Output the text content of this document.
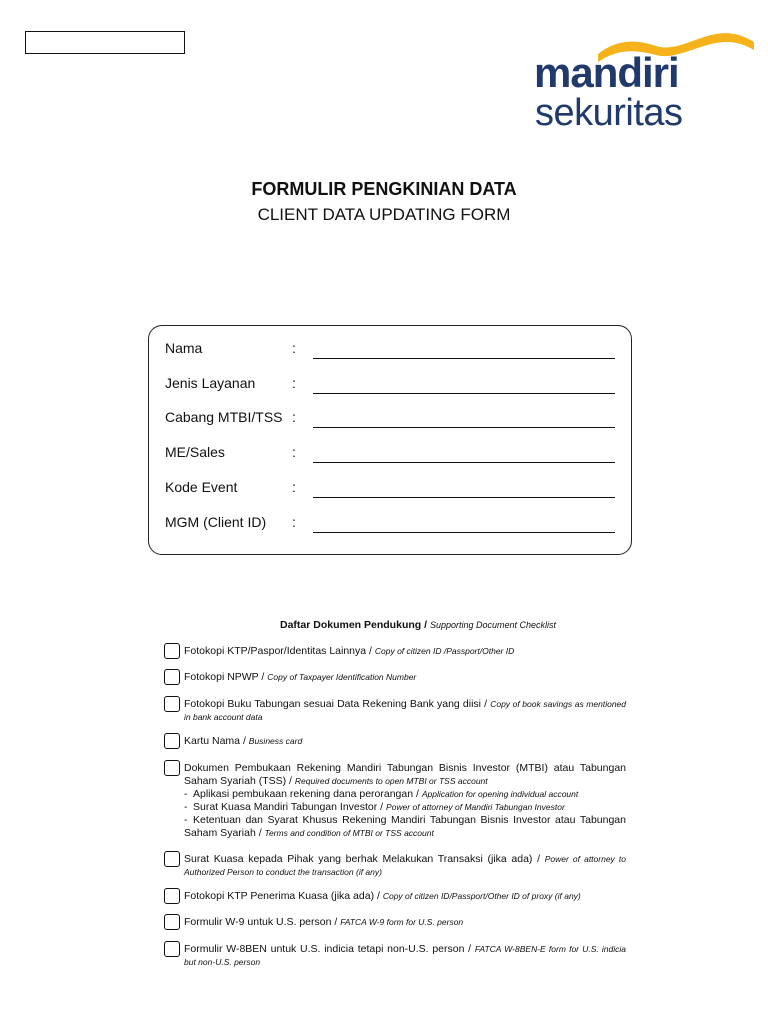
mandiri
sekuritas
FORMULIR PENGKINIAN DATA
CLIENT DATA UPDATING FORM
Nama	:
Jenis Layanan	:
Cabang MTBI/TSS :
ME/Sales	:
Kode Event	:
MGM (Client ID) :
Daftar Dokumen Pendukung / Supporting Document Checklist
Fotokopi KTP/Paspor/Identitas Lainnya / Copy of citizen ID /Passport/Other ID
Fotokopi NPWP / Copy of Taxpayer Identification Number
Fotokopi Buku Tabungan sesuai Data Rekening Bank yang diisi / Copy of book savings as mentioned in bank account data
Kartu Nama / Business card
Dokumen Pembukaan Rekening Mandiri Tabungan Bisnis Investor (MTBI) atau Tabungan Saham Syariah (TSS) / Required documents to open MTBI or TSS account
- Aplikasi pembukaan rekening dana perorangan / Application for opening individual account
- Surat Kuasa Mandiri Tabungan Investor / Power of attorney of Mandiri Tabungan Investor
- Ketentuan dan Syarat Khusus Rekening Mandiri Tabungan Bisnis Investor atau Tabungan Saham Syariah / Terms and condition of MTBI or TSS account
Surat Kuasa kepada Pihak yang berhak Melakukan Transaksi (jika ada) / Power of attorney to Authorized Person to conduct the transaction (if any)
Fotokopi KTP Penerima Kuasa (jika ada) / Copy of citizen ID/Passport/Other ID of proxy (if any)
Formulir W-9 untuk U.S. person / FATCA W-9 form for U.S. person
Formulir W-8BEN untuk U.S. indicia tetapi non-U.S. person / FATCA W-8BEN-E form for U.S. indicia but non-U.S. person
